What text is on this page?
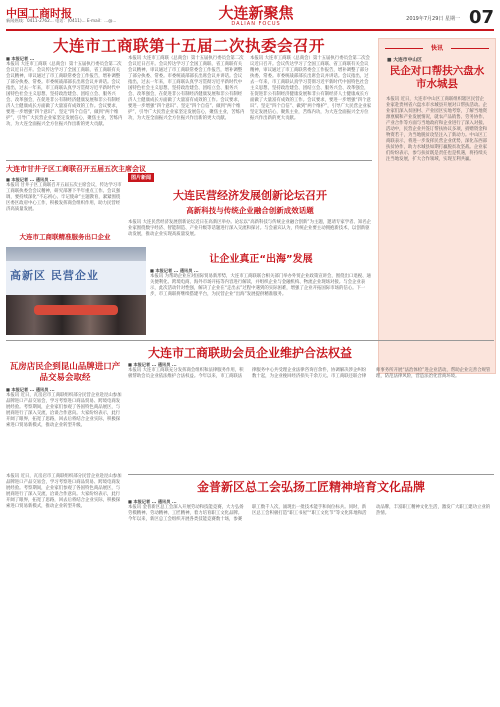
中国工商时报
新闻热线：0411-2762... 电话：(0411)... E-mail：...@...	大连新聚焦
DALIAN FOCUS
2019年7月29日 星期一 07
大连市工商联第十五届二次执委会召开
■ 本报记者 ...
本报讯 大连市工商联（总商会）第十五届执行委员会第二次会议近日召开。会议传达学习了全国工商联、省工商联有关会议精神，审议通过了市工商联常委会工作报告，增补调整了部分执委、常委。市委统战部部长出席会议并讲话。会议指出，过去一年来，市工商联认真学习贯彻习近平新时代中国特色社会主义思想，坚持政治建会、团结立会、服务兴会、改革强会，在促进非公有制经济健康发展和非公有制经济人士健康成长方面做了大量富有成效的工作。会议要求，要进一步增强“四个意识”、坚定“四个自信”、做到“两个维护”，引导广大民营企业家坚定发展信心，聚焦主业，苦练内功，为大连全面振兴全方位振兴作出新的更大贡献。
本报讯 大连市工商联（总商会）第十五届执行委员会第二次会议近日召开。会议传达学习了全国工商联、省工商联有关会议精神，审议通过了市工商联常委会工作报告，增补调整了部分执委、常委。市委统战部部长出席会议并讲话。会议指出，过去一年来，市工商联认真学习贯彻习近平新时代中国特色社会主义思想，坚持政治建会、团结立会、服务兴会、改革强会，在促进非公有制经济健康发展和非公有制经济人士健康成长方面做了大量富有成效的工作。会议要求，要进一步增强“四个意识”、坚定“四个自信”、做到“两个维护”，引导广大民营企业家坚定发展信心，聚焦主业，苦练内功，为大连全面振兴全方位振兴作出新的更大贡献。
本报讯 大连市工商联（总商会）第十五届执行委员会第二次会议近日召开。会议传达学习了全国工商联、省工商联有关会议精神，审议通过了市工商联常委会工作报告，增补调整了部分执委、常委。市委统战部部长出席会议并讲话。会议指出，过去一年来，市工商联认真学习贯彻习近平新时代中国特色社会主义思想，坚持政治建会、团结立会、服务兴会、改革强会，在促进非公有制经济健康发展和非公有制经济人士健康成长方面做了大量富有成效的工作。会议要求，要进一步增强“四个意识”、坚定“四个自信”、做到“两个维护”，引导广大民营企业家坚定发展信心，聚焦主业，苦练内功，为大连全面振兴全方位振兴作出新的更大贡献。
大连市甘井子区工商联召开五届五次主席会议
■ 本报记者 ... 通讯员 ...
本报讯 甘井子区工商联召开五届五次主席会议，传达学习市工商联执委会会议精神，研究部署下半年重点工作。会议强调，要持续深化“不忘初心、牢记使命”主题教育，紧紧围绕区委区政府中心工作，积极发挥商会组织作用，助力民营经济高质量发展。
大连市工商联精准服务出口企业
图片新闻
大连民营经济发展创新论坛召开
高新科技与传统企业融合创新成效话题
本报讯 大连民营经济发展创新论坛近日在高新区举办。论坛以“高新科技与传统企业融合创新”为主题，邀请专家学者、知名企业家围绕数字经济、智能制造、产业升级等话题进行深入交流和探讨。与会嘉宾认为，传统企业要主动拥抱新技术，以创新驱动发展，推动企业实现高质量发展。
高新区 民营企业
让企业真正“出海”发展
■ 本报记者 ... 通讯员 ...
本报讯 为帮助企业应对国际贸易新形势，大连市工商联联合相关部门举办外贸企业政策宣讲会，围绕出口退税、通关便利化、跨境电商、海外市场开拓等内容进行解读，并组织企业与金融机构、物流企业现场对接。与会企业表示，此次活动针对性强，解决了企业在“走出去”过程中遇到的实际困难，增强了企业开拓国际市场的信心。下一步，市工商联将继续搭建平台，为民营企业“出海”发展提供精准服务。
快讯
■ 大连市中山区
民企对口帮扶六盘水市水城县
本报讯 近日，大连市中山区工商联组织辖区民营企业家赴贵州省六盘水市水城县开展对口帮扶活动。企业家们深入贫困村、产业园区实地考察，了解当地资源禀赋和产业发展情况，就农产品销售、劳务协作、产业合作等方面与当地政府和企业进行了深入对接。活动中，民营企业共签订帮扶协议多项，捐赠资金和物资若干，为当地脱贫攻坚注入了新动力。中山区工商联表示，将进一步发挥民营企业优势，深化东西部扶贫协作，助力水城县如期打赢脱贫攻坚战。企业家们纷纷表示，参与扶贫既是责任也是机遇，将持续关注当地发展，扩大合作领域，实现互利共赢。
大连市工商联助会员企业维护合法权益
瓦房店民企到昆山品牌进口产品交易会取经
■ 本报记者 ... 通讯员 ...
本报讯 近日，瓦房店市工商联组织部分民营企业赴昆山参加品牌进口产品交易会，学习考察进口商品贸易、跨境电商发展经验。考察期间，企业家们参观了各国特色商品展区，与展商进行了深入交流，洽谈合作意向。大家纷纷表示，此行开阔了眼界，拓宽了思路，回去后将结合企业实际，积极探索进口贸易新模式，推动企业转型升级。
■ 本报记者 ... 通讯员 ...
本报讯 大连市工商联充分发挥商会组织和法律服务作用，积极帮助会员企业依法维护合法权益。今年以来，市工商联法律服务中心共受理企业法律咨询百余件，协调解决涉企纠纷数十起，为企业挽回经济损失千余万元。市工商联还联合律师事务所开展“法治体检”进企业活动，帮助企业完善合规管理，防范法律风险，营造法治化营商环境。
本报讯 近日，瓦房店市工商联组织部分民营企业赴昆山参加品牌进口产品交易会，学习考察进口商品贸易、跨境电商发展经验。考察期间，企业家们参观了各国特色商品展区，与展商进行了深入交流，洽谈合作意向。大家纷纷表示，此行开阔了眼界，拓宽了思路，回去后将结合企业实际，积极探索进口贸易新模式，推动企业转型升级。
金普新区总工会弘扬工匠精神培育文化品牌
■ 本报记者 ... 通讯员 ...
本报讯 金普新区总工会深入开展劳动和技能竞赛，大力弘扬劳模精神、劳动精神、工匠精神，着力培育职工文化品牌。今年以来，新区总工会组织开展各类技能竞赛数十场，参赛职工数千人次，涌现出一批技术能手和岗位标兵。同时，新区总工会积极打造“职工书屋”“职工文化节”等文化阵地和活动品牌，丰富职工精神文化生活，激发广大职工建功立业的热情。
